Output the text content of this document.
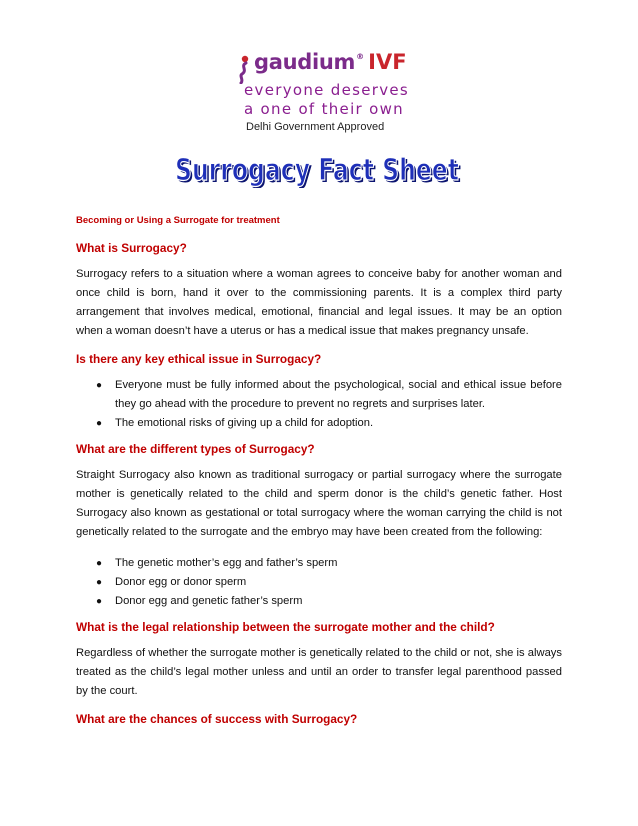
gaudium® IVF
everyone deserves
a one of their own
Delhi Government Approved
Surrogacy Fact Sheet
Surrogacy Fact Sheet
Becoming or Using a Surrogate for treatment
What is Surrogacy?

Surrogacy refers to a situation where a woman agrees to conceive baby for another woman and once child is born, hand it over to the commissioning parents. It is a complex third party arrangement that involves medical, emotional, financial and legal issues. It may be an option when a woman doesn’t have a uterus or has a medical issue that makes pregnancy unsafe.

Is there any key ethical issue in Surrogacy?
● Everyone must be fully informed about the psychological, social and ethical issue before they go ahead with the procedure to prevent no regrets and surprises later.
● The emotional risks of giving up a child for adoption.
What are the different types of Surrogacy?

Straight Surrogacy also known as traditional surrogacy or partial surrogacy where the surrogate mother is genetically related to the child and sperm donor is the child’s genetic father. Host Surrogacy also known as gestational or total surrogacy where the woman carrying the child is not genetically related to the surrogate and the embryo may have been created from the following:

● The genetic mother’s egg and father’s sperm
● Donor egg or donor sperm
● Donor egg and genetic father’s sperm
What is the legal relationship between the surrogate mother and the child?

Regardless of whether the surrogate mother is genetically related to the child or not, she is always treated as the child’s legal mother unless and until an order to transfer legal parenthood passed by the court.

What are the chances of success with Surrogacy?
